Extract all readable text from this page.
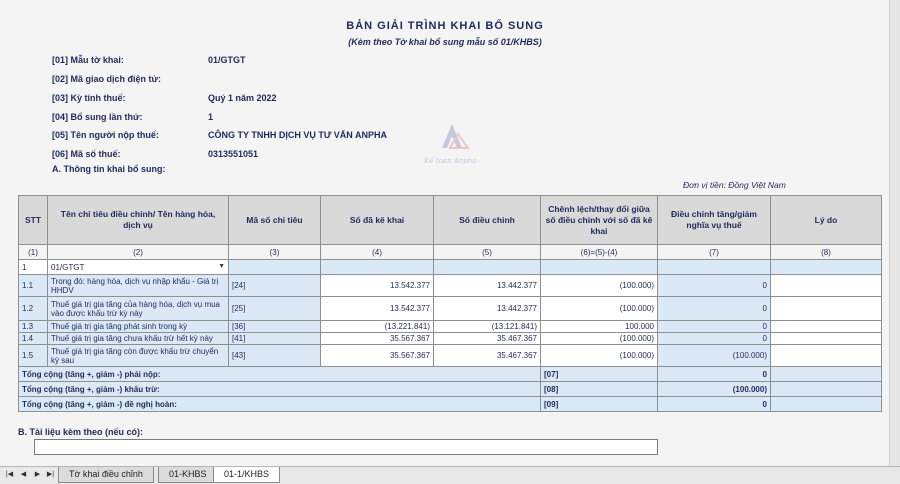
BẢN GIẢI TRÌNH KHAI BỔ SUNG
(Kèm theo Tờ khai bổ sung mẫu số 01/KHBS)
[01] Mẫu tờ khai:	01/GTGT
[02] Mã giao dịch điện tử:
[03] Kỳ tính thuế:	Quý 1 năm 2022
[04] Bổ sung lần thứ:	1
[05] Tên người nộp thuế:	CÔNG TY TNHH DỊCH VỤ TƯ VẤN ANPHA
[06] Mã số thuế:	0313551051
Kế toán Anpha
A. Thông tin khai bổ sung:
Đơn vị tiền: Đồng Việt Nam
STT	Tên chỉ tiêu điều chỉnh/ Tên hàng hóa, dịch vụ	Mã số chỉ tiêu	Số đã kê khai	Số điều chỉnh	Chênh lệch/thay đổi giữa số điều chỉnh với số đã kê khai	Điều chỉnh tăng/giảm nghĩa vụ thuế	Lý do
(1)	(2)	(3)	(4)	(5)	(6)=(5)-(4)	(7)	(8)
1	01/GTGT ▼						

1.1	Trong đó: hàng hóa, dịch vụ nhập khẩu - Giá trị HHDV	[24]	13.542.377	13.442.377	(100.000)	0	
1.2	Thuế giá trị gia tăng của hàng hóa, dịch vụ mua vào được khấu trừ kỳ này	[25]	13.542.377	13.442.377	(100.000)	0	
1.3	Thuế giá trị gia tăng phát sinh trong kỳ	[36]	(13.221.841)	(13.121.841)	100.000	0	
1.4	Thuế giá trị gia tăng chưa khấu trừ hết kỳ này	[41]	35.567.367	35.467.367	(100.000)	0	
1.5	Thuế giá trị gia tăng còn được khấu trừ chuyển kỳ sau	[43]	35.567.367	35.467.367	(100.000)	(100.000)	
Tổng cộng (tăng +, giảm -) phải nộp:					[07]	0	
Tổng cộng (tăng +, giảm -) khấu trừ:					[08]	(100.000)	
Tổng cộng (tăng +, giảm -) đề nghị hoàn:					[09]	0	
B. Tài liệu kèm theo (nếu có):
|◀	◀	▶ ▶|	Tờ khai điều chỉnh	01-KHBS	01-1/KHBS
